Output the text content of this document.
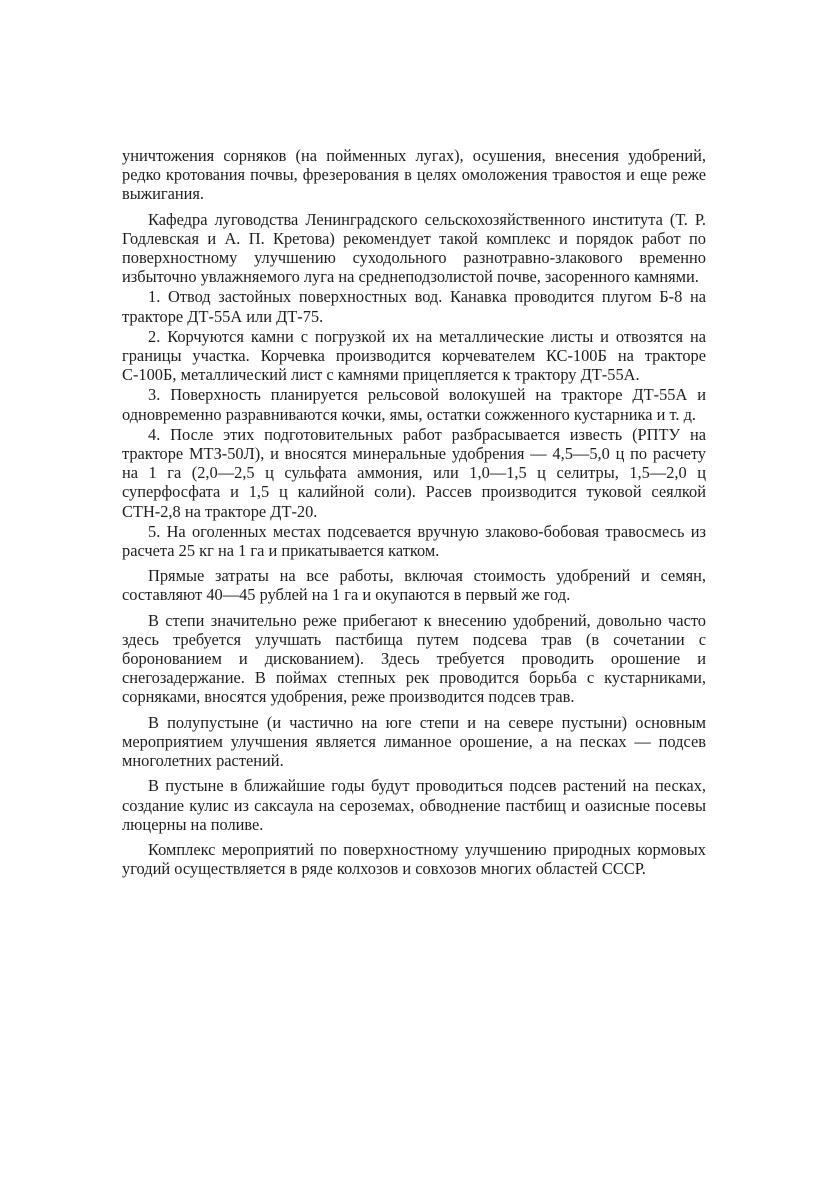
уничтожения сорняков (на пойменных лугах), осушения, внесения удобрений, редко кротования почвы, фрезерования в целях омоложения травостоя и еще реже выжигания.

Кафедра луговодства Ленинградского сельскохозяйственного института (Т. Р. Годлевская и А. П. Кретова) рекомендует такой комплекс и порядок работ по поверхностному улучшению суходольного разнотравно-злакового временно избыточно увлажняемого луга на среднеподзолистой почве, засоренного камнями.

1. Отвод застойных поверхностных вод. Канавка проводится плугом Б-8 на тракторе ДТ-55А или ДТ-75.

2. Корчуются камни с погрузкой их на металлические листы и отвозятся на границы участка. Корчевка производится корчевателем КС-100Б на тракторе С-100Б, металлический лист с камнями прицепляется к трактору ДТ-55А.

3. Поверхность планируется рельсовой волокушей на тракторе ДТ-55А и одновременно разравниваются кочки, ямы, остатки сожженного кустарника и т. д.

4. После этих подготовительных работ разбрасывается известь (РПТУ на тракторе МТЗ-50Л), и вносятся минеральные удобрения — 4,5—5,0 ц по расчету на 1 га (2,0—2,5 ц сульфата аммония, или 1,0—1,5 ц селитры, 1,5—2,0 ц суперфосфата и 1,5 ц калийной соли). Рассев производится туковой сеялкой СТН-2,8 на тракторе ДТ-20.

5. На оголенных местах подсевается вручную злаково-бобовая травосмесь из расчета 25 кг на 1 га и прикатывается катком.

Прямые затраты на все работы, включая стоимость удобрений и семян, составляют 40—45 рублей на 1 га и окупаются в первый же год.

В степи значительно реже прибегают к внесению удобрений, довольно часто здесь требуется улучшать пастбища путем подсева трав (в сочетании с боронованием и дискованием). Здесь требуется проводить орошение и снегозадержание. В поймах степных рек проводится борьба с кустарниками, сорняками, вносятся удобрения, реже производится подсев трав.

В полупустыне (и частично на юге степи и на севере пустыни) основным мероприятием улучшения является лиманное орошение, а на песках — подсев многолетних растений.

В пустыне в ближайшие годы будут проводиться подсев растений на песках, создание кулис из саксаула на сероземах, обводнение пастбищ и оазисные посевы люцерны на поливе.

Комплекс мероприятий по поверхностному улучшению природных кормовых угодий осуществляется в ряде колхозов и совхозов многих областей СССР.
